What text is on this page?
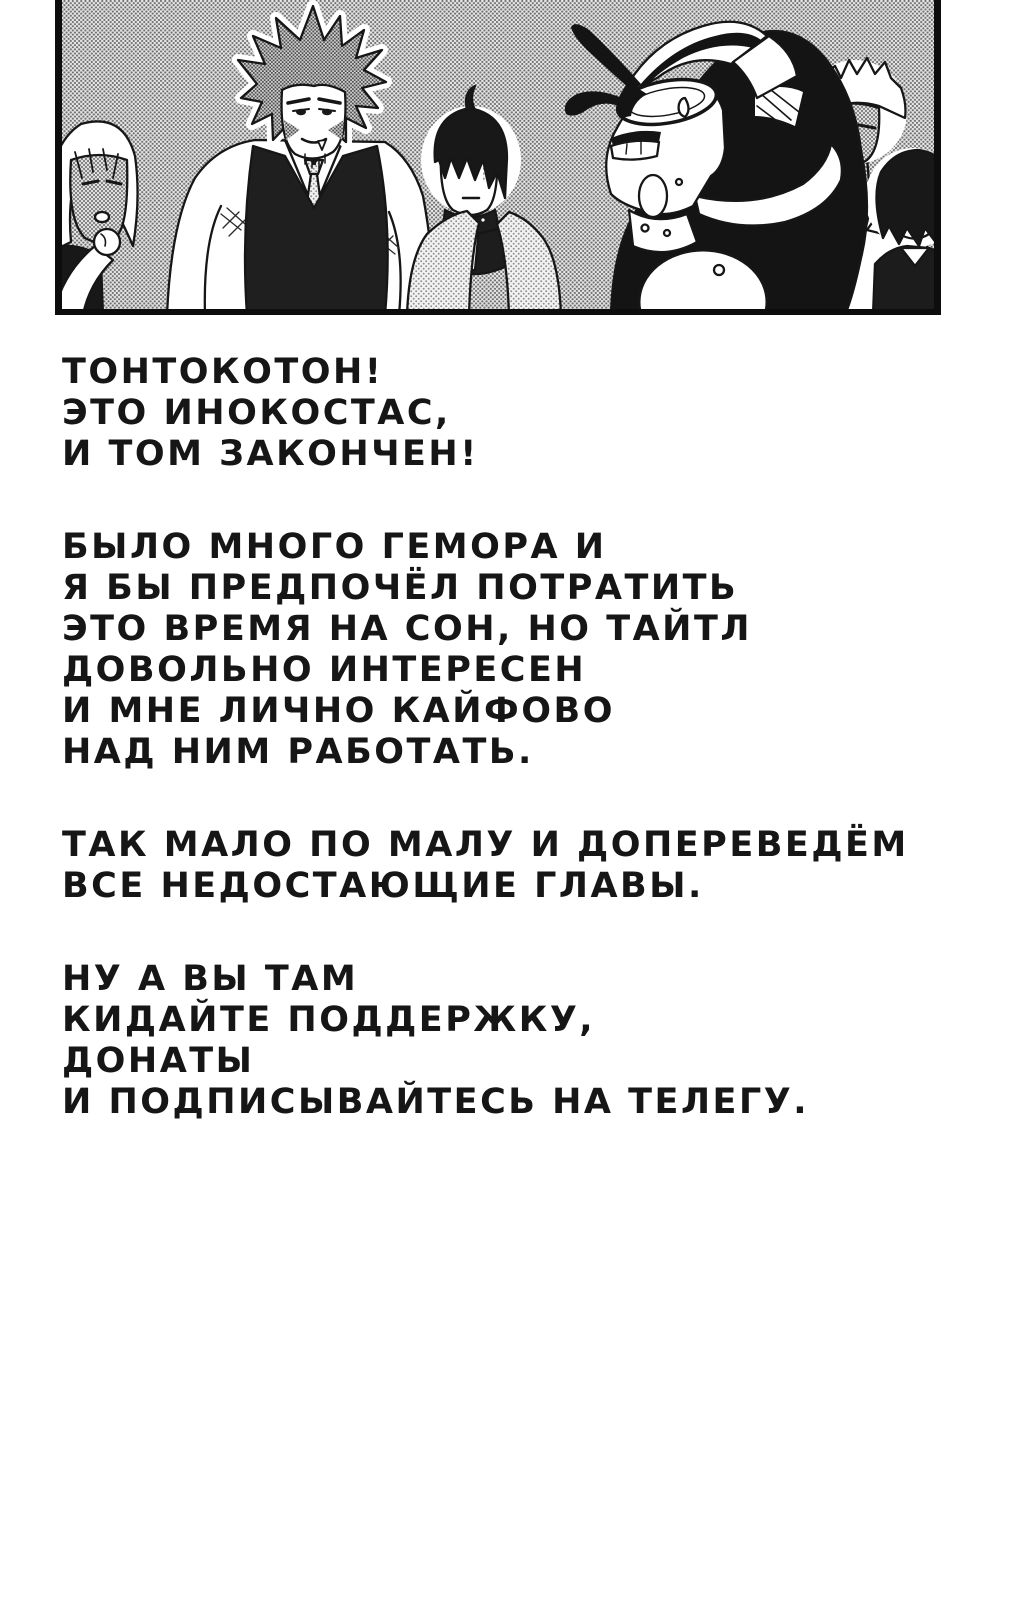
ТОНТОКОТОН!
ЭТО ИНОКОСТАС,
И ТОМ ЗАКОНЧЕН!

БЫЛО МНОГО ГЕМОРА И
Я БЫ ПРЕДПОЧЁЛ ПОТРАТИТЬ
ЭТО ВРЕМЯ НА СОН, НО ТАЙТЛ
ДОВОЛЬНО ИНТЕРЕСЕН
И МНЕ ЛИЧНО КАЙФОВО
НАД НИМ РАБОТАТЬ.

ТАК МАЛО ПО МАЛУ И ДОПЕРЕВЕДЁМ
ВСЕ НЕДОСТАЮЩИЕ ГЛАВЫ.

НУ А ВЫ ТАМ
КИДАЙТЕ ПОДДЕРЖКУ,
ДОНАТЫ
И ПОДПИСЫВАЙТЕСЬ НА ТЕЛЕГУ.
